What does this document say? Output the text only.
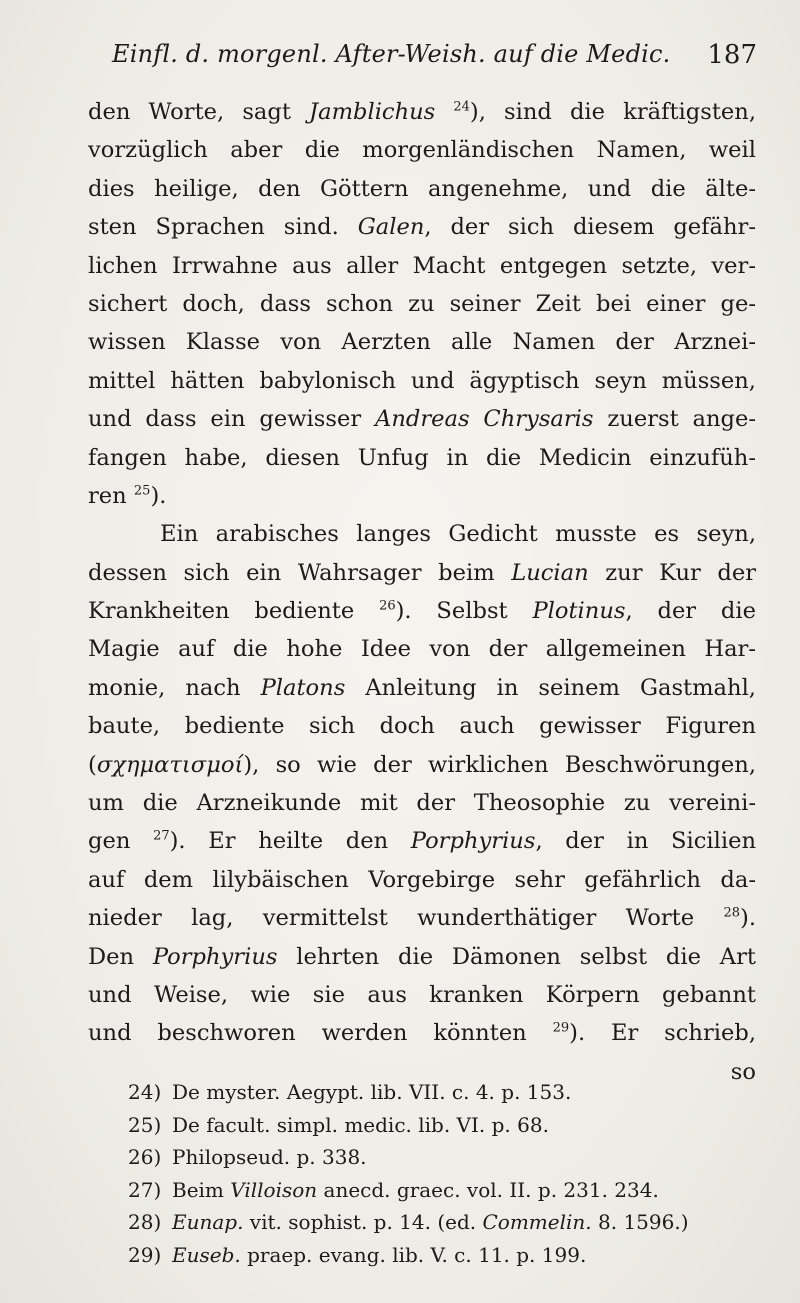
Einfl. d. morgenl. After-Weish. auf die Medic. 187
den Worte, sagt Jamblichus $^{24}$), sind die kräftigsten,
vorzüglich aber die morgenländischen Namen, weil
dies heilige, den Göttern angenehme, und die älte-
sten Sprachen sind. Galen, der sich diesem gefähr-
lichen Irrwahne aus aller Macht entgegen setzte, ver-
sichert doch, dass schon zu seiner Zeit bei einer ge-
wissen Klasse von Aerzten alle Namen der Arznei-
mittel hätten babylonisch und ägyptisch seyn müssen,
und dass ein gewisser Andreas Chrysaris zuerst ange-
fangen habe, diesen Unfug in die Medicin einzufüh-
ren $^{25}$).
Ein arabisches langes Gedicht musste es seyn,
dessen sich ein Wahrsager beim Lucian zur Kur der
Krankheiten bediente $^{26}$). Selbst Plotinus, der die
Magie auf die hohe Idee von der allgemeinen Har-
monie, nach Platons Anleitung in seinem Gastmahl,
baute, bediente sich doch auch gewisser Figuren
(σχηματισμοί), so wie der wirklichen Beschwörungen,
um die Arzneikunde mit der Theosophie zu vereini-
gen $^{27}$). Er heilte den Porphyrius, der in Sicilien
auf dem lilybäischen Vorgebirge sehr gefährlich da-
nieder lag, vermittelst wunderthätiger Worte $^{28}$).
Den Porphyrius lehrten die Dämonen selbst die Art
und Weise, wie sie aus kranken Körpern gebannt
und beschworen werden könnten $^{29}$). Er schrieb,
so
24) De myster. Aegypt. lib. VII. c. 4. p. 153.
25) De facult. simpl. medic. lib. VI. p. 68.
26) Philopseud. p. 338.
27) Beim Villoison anecd. graec. vol. II. p. 231. 234.
28) Eunap. vit. sophist. p. 14. (ed. Commelin. 8. 1596.)
29) Euseb. praep. evang. lib. V. c. 11. p. 199.
